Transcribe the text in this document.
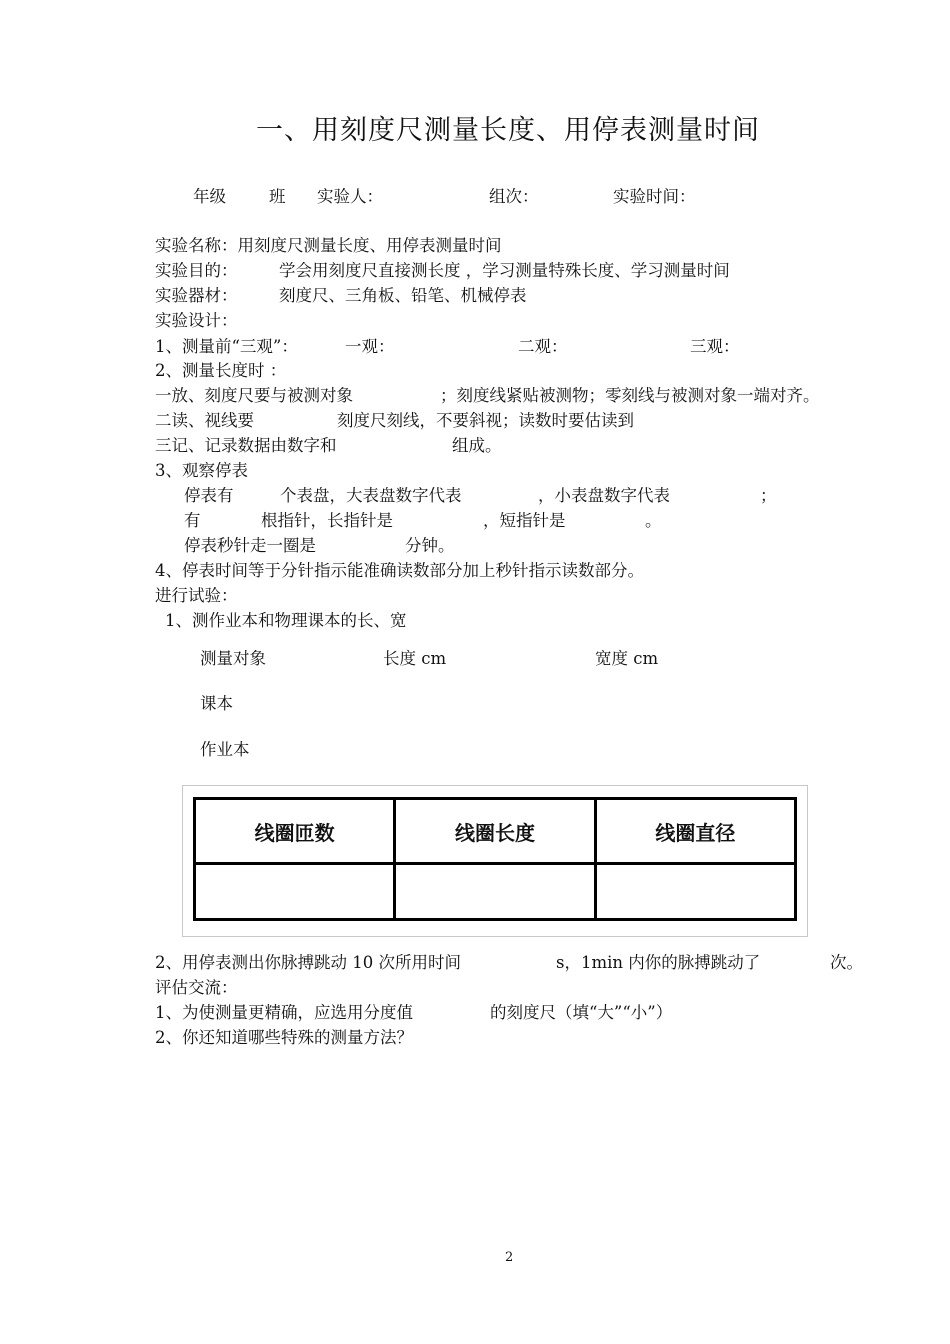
一、用刻度尺测量长度、用停表测量时间
年级	班 实验人：	组次：	实验时间：
实验名称：用刻度尺测量长度、用停表测量时间
实验目的：	学会用刻度尺直接测长度 ，学习测量特殊长度、学习测量时间
实验器材：	刻度尺、三角板、铅笔、机械停表
实验设计：
1、测量前“三观”：	一观：	二观：	三观：
2、测量长度时 ：
一放、刻度尺要与被测对象	；刻度线紧贴被测物；零刻线与被测对象一端对齐。
二读、视线要	刻度尺刻线，不要斜视；读数时要估读到
三记、记录数据由数字和	组成。
3、观察停表
停表有	个表盘，大表盘数字代表	，小表盘数字代表	；
有	根指针，长指针是	，短指针是	。
停表秒针走一圈是	分钟。
4、停表时间等于分针指示能准确读数部分加上秒针指示读数部分。
进行试验：
1、测作业本和物理课本的长、宽
测量对象	长度 cm	宽度 cm
课本
作业本
线圈匝数	线圈长度	线圈直径

2、用停表测出你脉搏跳动 10 次所用时间	s，1min 内你的脉搏跳动了	次。
评估交流：
1、为使测量更精确，应选用分度值	的刻度尺（填“大”“小”）
2、你还知道哪些特殊的测量方法？
2
